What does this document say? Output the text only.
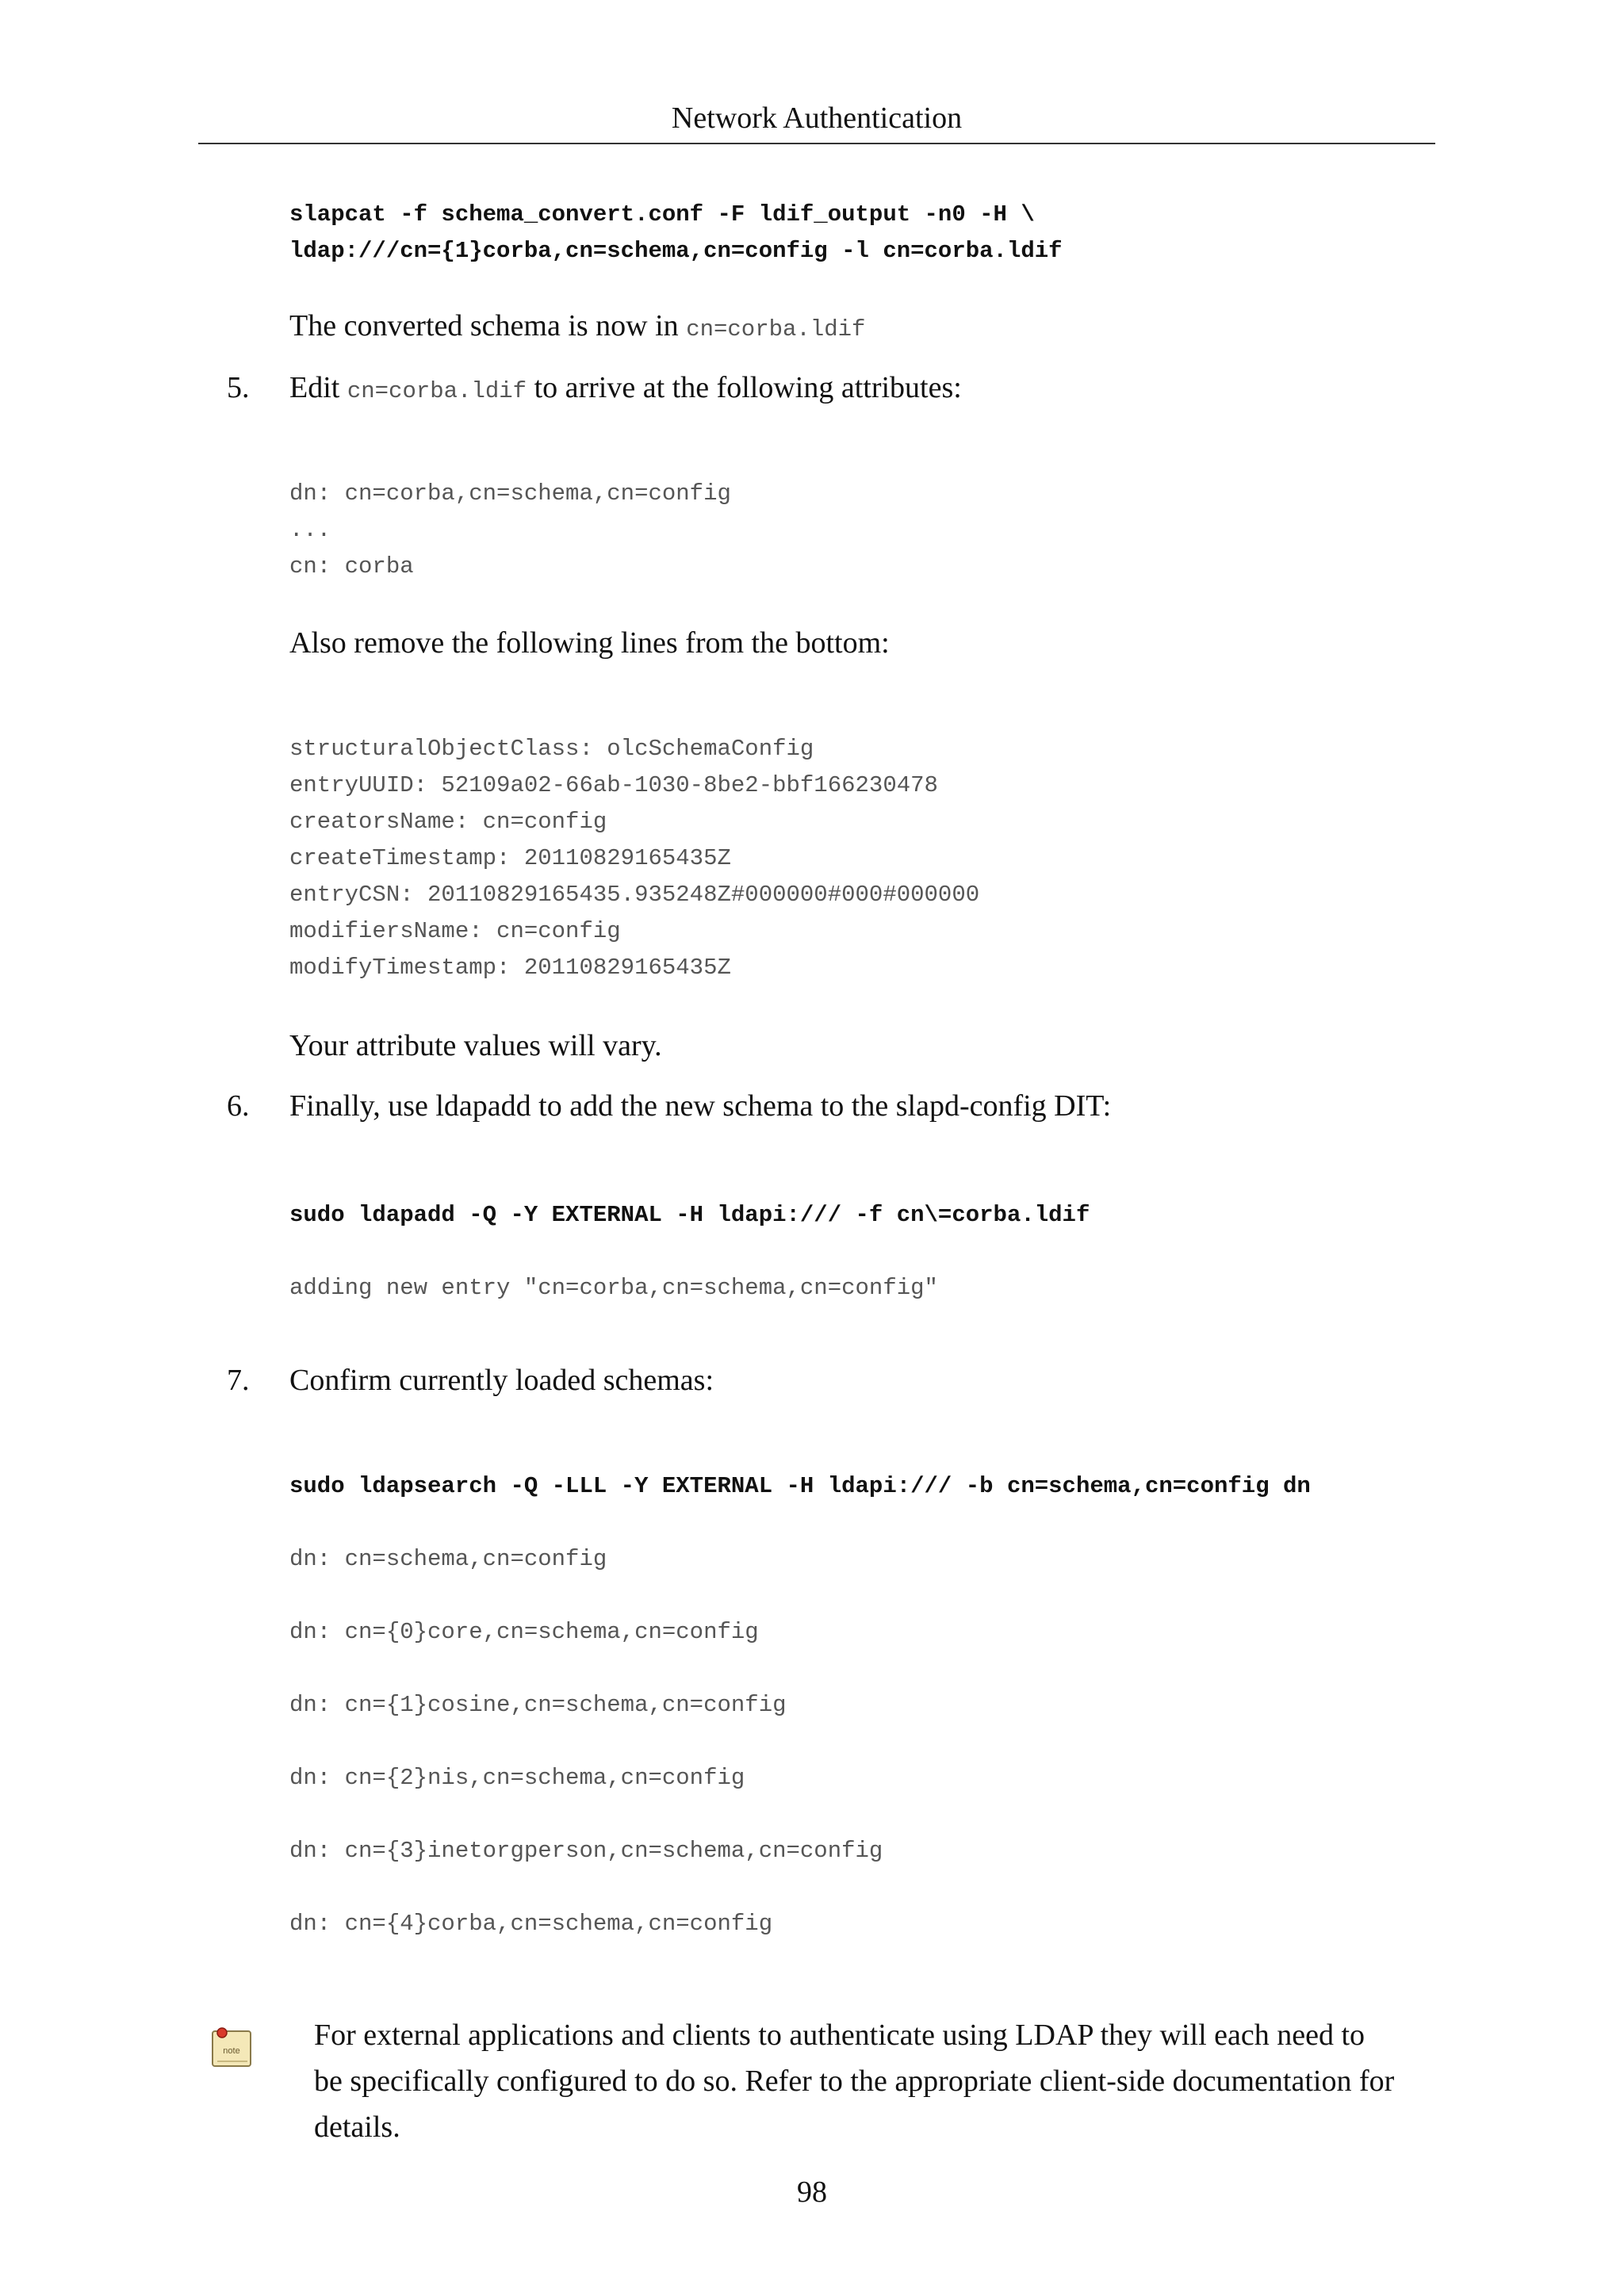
Network Authentication
slapcat -f schema_convert.conf -F ldif_output -n0 -H \
ldap:///cn={1}corba,cn=schema,cn=config -l cn=corba.ldif
The converted schema is now in cn=corba.ldif
5. Edit cn=corba.ldif to arrive at the following attributes:
dn: cn=corba,cn=schema,cn=config
...
cn: corba
Also remove the following lines from the bottom:
structuralObjectClass: olcSchemaConfig
entryUUID: 52109a02-66ab-1030-8be2-bbf166230478
creatorsName: cn=config
createTimestamp: 20110829165435Z
entryCSN: 20110829165435.935248Z#000000#000#000000
modifiersName: cn=config
modifyTimestamp: 20110829165435Z
Your attribute values will vary.
6. Finally, use ldapadd to add the new schema to the slapd-config DIT:
sudo ldapadd -Q -Y EXTERNAL -H ldapi:/// -f cn\=corba.ldif
adding new entry "cn=corba,cn=schema,cn=config"
7. Confirm currently loaded schemas:
sudo ldapsearch -Q -LLL -Y EXTERNAL -H ldapi:/// -b cn=schema,cn=config dn
dn: cn=schema,cn=config
dn: cn={0}core,cn=schema,cn=config
dn: cn={1}cosine,cn=schema,cn=config
dn: cn={2}nis,cn=schema,cn=config
dn: cn={3}inetorgperson,cn=schema,cn=config
dn: cn={4}corba,cn=schema,cn=config
note For external applications and clients to authenticate using LDAP they will each need to
be specifically configured to do so. Refer to the appropriate client-side documentation for
details.
98
